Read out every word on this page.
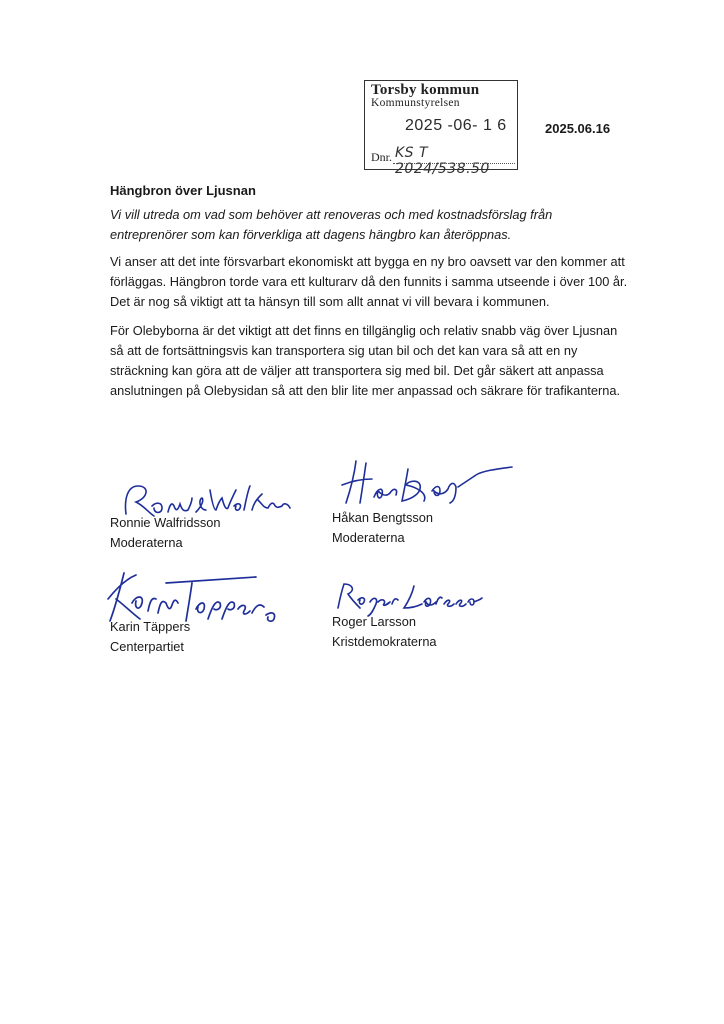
Torsby kommun
Kommunstyrelsen
2025 -06- 1 6
Dnr. KS T 2024/538.50
2025.06.16
Hängbron över Ljusnan

Vi vill utreda om vad som behöver att renoveras och med kostnadsförslag från entreprenörer som kan förverkliga att dagens hängbro kan återöppnas.

Vi anser att det inte försvarbart ekonomiskt att bygga en ny bro oavsett var den kommer att förläggas. Hängbron torde vara ett kulturarv då den funnits i samma utseende i över 100 år. Det är nog så viktigt att ta hänsyn till som allt annat vi vill bevara i kommunen.

För Olebyborna är det viktigt att det finns en tillgänglig och relativ snabb väg över Ljusnan så att de fortsättningsvis kan transportera sig utan bil och det kan vara så att en ny sträckning kan göra att de väljer att transportera sig med bil. Det går säkert att anpassa anslutningen på Olebysidan så att den blir lite mer anpassad och säkrare för trafikanterna.

Ronnie Walfridsson
Moderaterna
Håkan Bengtsson
Moderaterna
Karin Täppers
Centerpartiet
Roger Larsson
Kristdemokraterna
